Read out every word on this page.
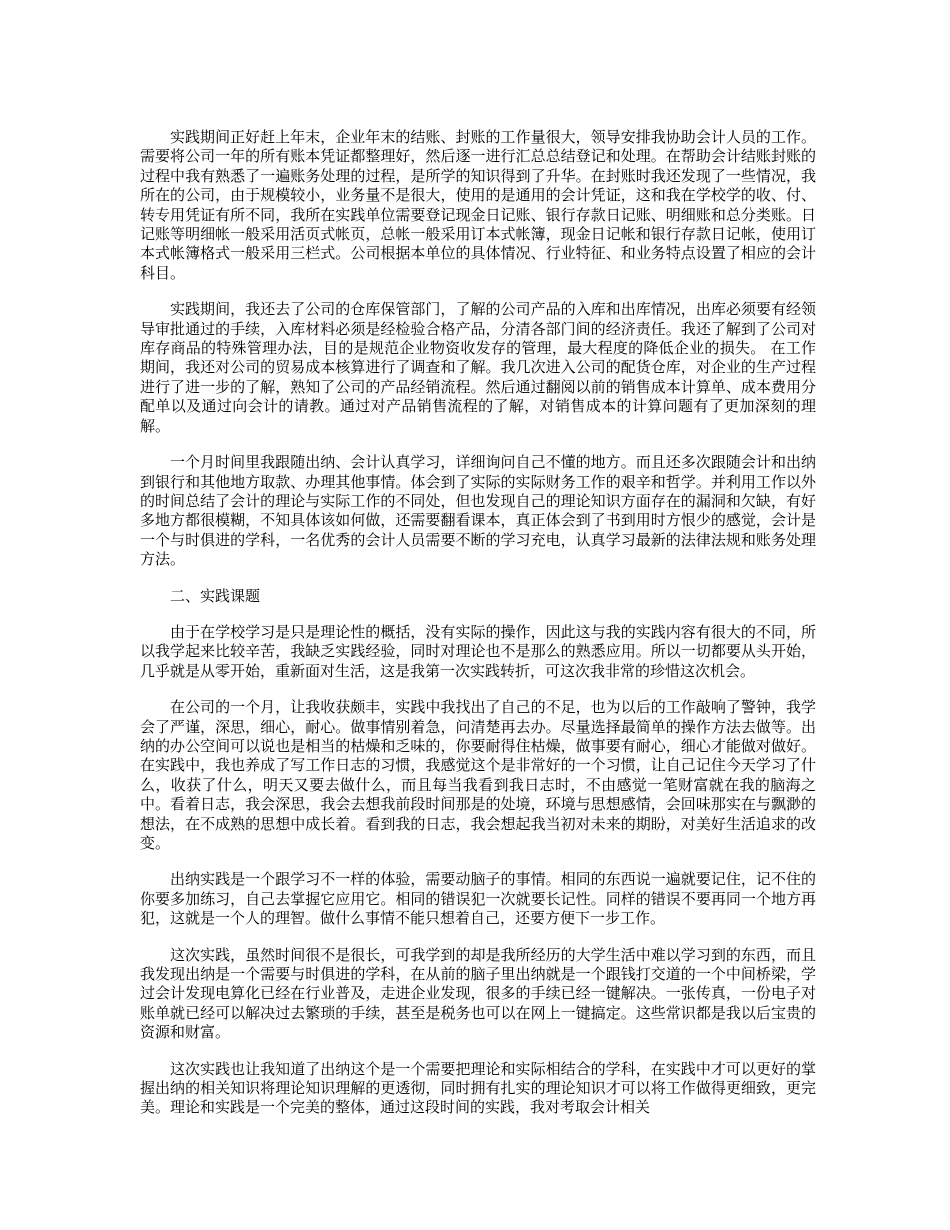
实践期间正好赶上年末，企业年末的结账、封账的工作量很大，领导安排我协助会计人员的工作。需要将公司一年的所有账本凭证都整理好，然后逐一进行汇总总结登记和处理。在帮助会计结账封账的过程中我有熟悉了一遍账务处理的过程，是所学的知识得到了升华。在封账时我还发现了一些情况，我所在的公司，由于规模较小，业务量不是很大，使用的是通用的会计凭证，这和我在学校学的收、付、转专用凭证有所不同，我所在实践单位需要登记现金日记账、银行存款日记账、明细账和总分类账。日记账等明细帐一般采用活页式帐页，总帐一般采用订本式帐簿，现金日记帐和银行存款日记帐，使用订本式帐簿格式一般采用三栏式。公司根据本单位的具体情况、行业特征、和业务特点设置了相应的会计科目。

实践期间，我还去了公司的仓库保管部门，了解的公司产品的入库和出库情况，出库必须要有经领导审批通过的手续，入库材料必须是经检验合格产品，分清各部门间的经济责任。我还了解到了公司对库存商品的特殊管理办法，目的是规范企业物资收发存的管理，最大程度的降低企业的损失。 在工作期间，我还对公司的贸易成本核算进行了调查和了解。我几次进入公司的配货仓库，对企业的生产过程进行了进一步的了解，熟知了公司的产品经销流程。然后通过翻阅以前的销售成本计算单、成本费用分配单以及通过向会计的请教。通过对产品销售流程的了解，对销售成本的计算问题有了更加深刻的理解。

一个月时间里我跟随出纳、会计认真学习，详细询问自己不懂的地方。而且还多次跟随会计和出纳到银行和其他地方取款、办理其他事情。体会到了实际的实际财务工作的艰辛和哲学。并利用工作以外的时间总结了会计的理论与实际工作的不同处，但也发现自己的理论知识方面存在的漏洞和欠缺，有好多地方都很模糊，不知具体该如何做，还需要翻看课本，真正体会到了书到用时方恨少的感觉，会计是一个与时俱进的学科，一名优秀的会计人员需要不断的学习充电，认真学习最新的法律法规和账务处理方法。

二、实践课题

由于在学校学习是只是理论性的概括，没有实际的操作，因此这与我的实践内容有很大的不同，所以我学起来比较辛苦，我缺乏实践经验，同时对理论也不是那么的熟悉应用。所以一切都要从头开始，几乎就是从零开始，重新面对生活，这是我第一次实践转折，可这次我非常的珍惜这次机会。

在公司的一个月，让我收获颇丰，实践中我找出了自己的不足，也为以后的工作敲响了警钟，我学会了严谨，深思，细心，耐心。做事情别着急，问清楚再去办。尽量选择最简单的操作方法去做等。出纳的办公空间可以说也是相当的枯燥和乏味的，你要耐得住枯燥，做事要有耐心，细心才能做对做好。在实践中，我也养成了写工作日志的习惯，我感觉这个是非常好的一个习惯，让自己记住今天学习了什么，收获了什么，明天又要去做什么，而且每当我看到我日志时，不由感觉一笔财富就在我的脑海之中。看着日志，我会深思，我会去想我前段时间那是的处境，环境与思想感情，会回味那实在与飘渺的想法，在不成熟的思想中成长着。看到我的日志，我会想起我当初对未来的期盼，对美好生活追求的改变。

出纳实践是一个跟学习不一样的体验，需要动脑子的事情。相同的东西说一遍就要记住，记不住的你要多加练习，自己去掌握它应用它。相同的错误犯一次就要长记性。同样的错误不要再同一个地方再犯，这就是一个人的理智。做什么事情不能只想着自己，还要方便下一步工作。

这次实践，虽然时间很不是很长，可我学到的却是我所经历的大学生活中难以学习到的东西，而且我发现出纳是一个需要与时俱进的学科，在从前的脑子里出纳就是一个跟钱打交道的一个中间桥梁，学过会计发现电算化已经在行业普及，走进企业发现，很多的手续已经一键解决。一张传真，一份电子对账单就已经可以解决过去繁琐的手续，甚至是税务也可以在网上一键搞定。这些常识都是我以后宝贵的资源和财富。

这次实践也让我知道了出纳这个是一个需要把理论和实际相结合的学科，在实践中才可以更好的掌握出纳的相关知识将理论知识理解的更透彻，同时拥有扎实的理论知识才可以将工作做得更细致，更完美。理论和实践是一个完美的整体，通过这段时间的实践，我对考取会计相关
